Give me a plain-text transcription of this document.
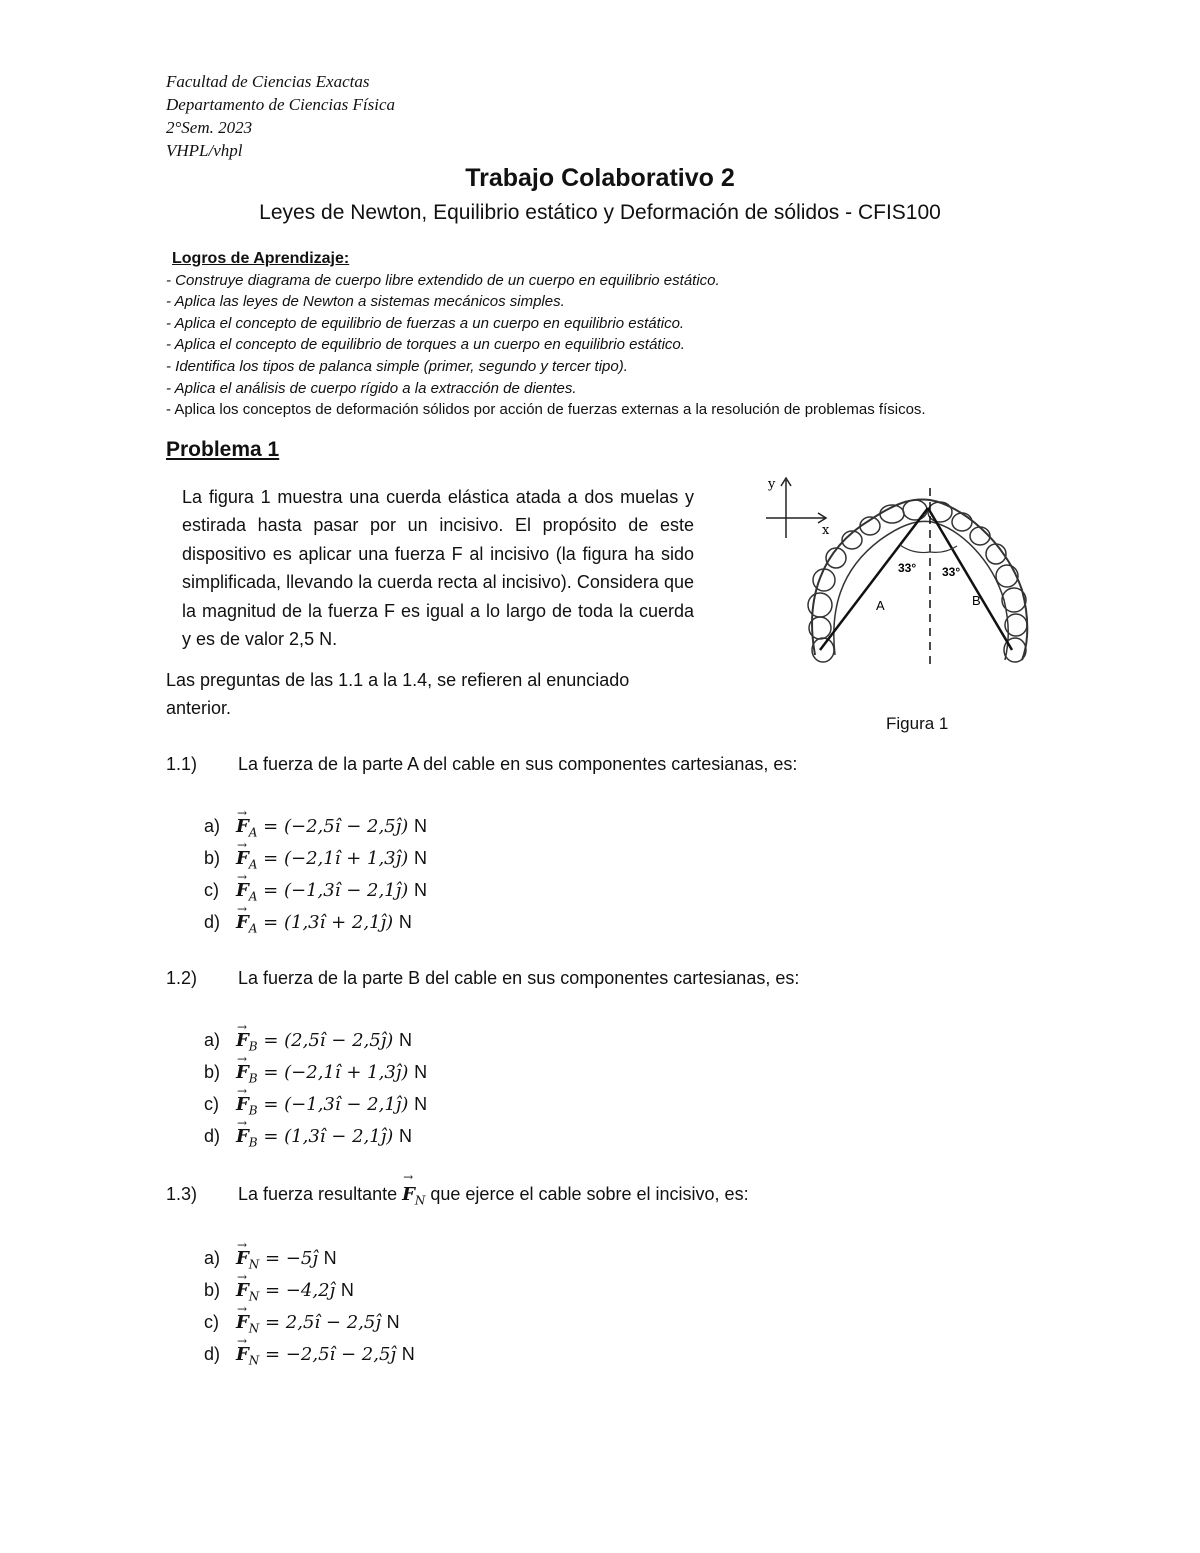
Facultad de Ciencias Exactas
Departamento de Ciencias Física
2°Sem. 2023
VHPL/vhpl
Trabajo Colaborativo 2
Leyes de Newton, Equilibrio estático y Deformación de sólidos - CFIS100
Logros de Aprendizaje:
- Construye diagrama de cuerpo libre extendido de un cuerpo en equilibrio estático.
- Aplica las leyes de Newton a sistemas mecánicos simples.
- Aplica el concepto de equilibrio de fuerzas a un cuerpo en equilibrio estático.
- Aplica el concepto de equilibrio de torques a un cuerpo en equilibrio estático.
- Identifica los tipos de palanca simple (primer, segundo y tercer tipo).
- Aplica el análisis de cuerpo rígido a la extracción de dientes.
- Aplica los conceptos de deformación sólidos por acción de fuerzas externas a la resolución de problemas físicos.
Problema 1
La figura 1 muestra una cuerda elástica atada a dos muelas y estirada hasta pasar por un incisivo. El propósito de este dispositivo es aplicar una fuerza F al incisivo (la figura ha sido simplificada, llevando la cuerda recta al incisivo). Considera que la magnitud de la fuerza F es igual a lo largo de toda la cuerda y es de valor 2,5 N.
Las preguntas de las 1.1 a la 1.4, se refieren al enunciado anterior.
y
x
33° 33°
A	B
Figura 1
1.1) La fuerza de la parte A del cable en sus componentes cartesianas, es:
$a) \to F_A$ = (−2,5î − 2,5ĵ) N
$b) \to F_A$ = (−2,1î + 1,3ĵ) N
$c) \to F_A$ = (−1,3î − 2,1ĵ) N
$d) \to F_A$ = (1,3î + 2,1ĵ) N
1.2) La fuerza de la parte B del cable en sus componentes cartesianas, es:
$a) \to F_B$ = (2,5î − 2,5ĵ) N
$b) \to F_B$ = (−2,1î + 1,3ĵ) N
$c) \to F_B$ = (−1,3î − 2,1ĵ) N
$d) \to F_B$ = (1,3î − 2,1ĵ) N
1.3) La fuerza resultante → $F_N$ que ejerce el cable sobre el incisivo, es:
$a) \to F_N$ = −5ĵ N
$b) \to F_N$ = −4,2ĵ N
$c) \to F_N$ = 2,5î − 2,5ĵ N
$d) \to F_N$ = −2,5î − 2,5ĵ N
